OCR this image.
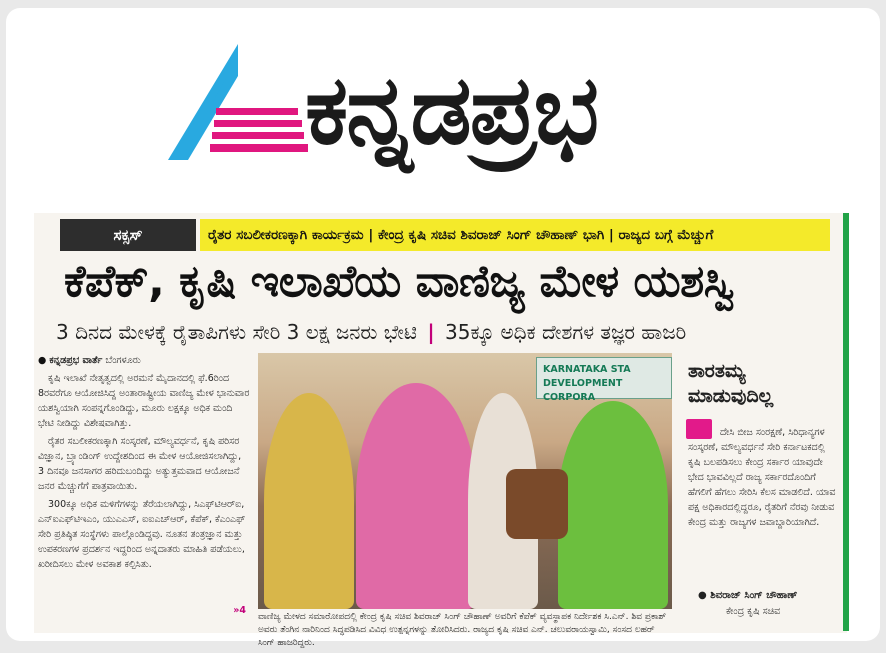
ಕನ್ನಡಪ್ರಭ
ಸಕ್ಸಸ್	ರೈತರ ಸಬಲೀಕರಣಕ್ಕಾಗಿ ಕಾರ್ಯಕ್ರಮ | ಕೇಂದ್ರ ಕೃಷಿ ಸಚಿವ ಶಿವರಾಜ್ ಸಿಂಗ್ ಚೌಹಾಣ್ ಭಾಗಿ | ರಾಜ್ಯದ ಬಗ್ಗೆ ಮೆಚ್ಚುಗೆ
ಕೆಪೆಕ್, ಕೃಷಿ ಇಲಾಖೆಯ ವಾಣಿಜ್ಯ ಮೇಳ ಯಶಸ್ವಿ
3 ದಿನದ ಮೇಳಕ್ಕೆ ರೈತಾಪಿಗಳು ಸೇರಿ 3 ಲಕ್ಷ ಜನರು ಭೇಟಿ | 35ಕ್ಕೂ ಅಧಿಕ ದೇಶಗಳ ತಜ್ಞರ ಹಾಜರಿ

● ಕನ್ನಡಪ್ರಭ ವಾರ್ತೆ ಬೆಂಗಳೂರು

ಕೃಷಿ ಇಲಾಖೆ ನೇತೃತ್ವದಲ್ಲಿ ಅರಮನೆ ಮೈದಾನದಲ್ಲಿ ಫೆ.6ರಿಂದ 8ರವರೆಗೂ ಆಯೋಜಿಸಿದ್ದ ಅಂತಾರಾಷ್ಟ್ರೀಯ ವಾಣಿಜ್ಯ ಮೇಳ ಭಾನುವಾರ ಯಶಸ್ವಿಯಾಗಿ ಸಂಪನ್ನಗೊಂಡಿದ್ದು, ಮೂರು ಲಕ್ಷಕ್ಕೂ ಅಧಿಕ ಮಂದಿ ಭೇಟಿ ನೀಡಿದ್ದು ವಿಶೇಷವಾಗಿತ್ತು.

ರೈತರ ಸಬಲೀಕರಣಕ್ಕಾಗಿ ಸಂಸ್ಕರಣೆ, ಮೌಲ್ಯವರ್ಧನೆ, ಕೃಷಿ ಪರಿಸರ ವಿಜ್ಞಾನ, ಬ್ರ್ಯಾಂಡಿಂಗ್ ಉದ್ದೇಶದಿಂದ ಈ ಮೇಳ ಆಯೋಜಿಸಲಾಗಿದ್ದು, 3 ದಿನವೂ ಜನಸಾಗರ ಹರಿದುಬಂದಿದ್ದು ಅತ್ಯುತ್ತಮವಾದ ಆಯೋಜನೆ ಜನರ ಮೆಚ್ಚುಗೆಗೆ ಪಾತ್ರವಾಯಿತು.

300ಕ್ಕೂ ಅಧಿಕ ಮಳಿಗೆಗಳನ್ನು ತೆರೆಯಲಾಗಿದ್ದು, ಸಿಎಫ್‌ಟಿಆರ್‌ಐ, ಎನ್‌ಐಎಫ್‌ಟಿಇಎಂ, ಯುಎಎಸ್, ಐಐಎಚ್‌ಆರ್, ಕೆಪೆಕ್, ಕೆಎಂಎಫ್ ಸೇರಿ ಪ್ರತಿಷ್ಠಿತ ಸಂಸ್ಥೆಗಳು ಪಾಲ್ಗೊಂಡಿದ್ದವು. ನೂತನ ತಂತ್ರಜ್ಞಾನ ಮತ್ತು ಉಪಕರಣಗಳ ಪ್ರದರ್ಶನ ಇದ್ದರಿಂದ ಅನ್ನದಾತರು ಮಾಹಿತಿ ಪಡೆಯಲು, ಖರೀದಿಸಲು ಮೇಳ ಅವಕಾಶ ಕಲ್ಪಿಸಿತು.

»4
KARNATAKA STA
DEVELOPMENT CORPORA
ವಾಣಿಜ್ಯ ಮೇಳದ ಸಮಾರೋಪದಲ್ಲಿ ಕೇಂದ್ರ ಕೃಷಿ ಸಚಿವ ಶಿವರಾಜ್ ಸಿಂಗ್ ಚೌಹಾಣ್ ಅವರಿಗೆ ಕೆಪೆಕ್ ವ್ಯವಸ್ಥಾಪಕ ನಿರ್ದೇಶಕ ಸಿ.ಎನ್. ಶಿವ ಪ್ರಕಾಶ್ ಅವರು ತೆಂಗಿನ ನಾರಿನಿಂದ ಸಿದ್ಧಪಡಿಸಿದ ವಿವಿಧ ಉತ್ಪನ್ನಗಳನ್ನು ತೋರಿಸಿದರು. ರಾಜ್ಯದ ಕೃಷಿ ಸಚಿವ ಎನ್. ಚಲುವರಾಯಸ್ವಾಮಿ, ಸಂಸದ ಲಹರ್ ಸಿಂಗ್ ಹಾಜರಿದ್ದರು.
ತಾರತಮ್ಯ
ಮಾಡುವುದಿಲ್ಲ
ದೇಸಿ ಬೀಜ ಸಂರಕ್ಷಣೆ, ಸಿರಿಧಾನ್ಯಗಳ ಸಂಸ್ಕರಣೆ, ಮೌಲ್ಯವರ್ಧನೆ ಸೇರಿ ಕರ್ನಾಟಕದಲ್ಲಿ ಕೃಷಿ ಬಲಪಡಿಸಲು ಕೇಂದ್ರ ಸರ್ಕಾರ ಯಾವುದೇ ಭೇದ ಭಾವವಿಲ್ಲದೆ ರಾಜ್ಯ ಸರ್ಕಾರದೊಂದಿಗೆ ಹೆಗಲಿಗೆ ಹೆಗಲು ಸೇರಿಸಿ ಕೆಲಸ ಮಾಡಲಿದೆ. ಯಾವ ಪಕ್ಷ ಅಧಿಕಾರದಲ್ಲಿದ್ದರೂ, ರೈತರಿಗೆ ನೆರವು ನೀಡುವ ಕೇಂದ್ರ ಮತ್ತು ರಾಜ್ಯಗಳ ಜವಾಬ್ದಾರಿಯಾಗಿದೆ.
● ಶಿವರಾಜ್ ಸಿಂಗ್ ಚೌಹಾಣ್
ಕೇಂದ್ರ ಕೃಷಿ ಸಚಿವ
